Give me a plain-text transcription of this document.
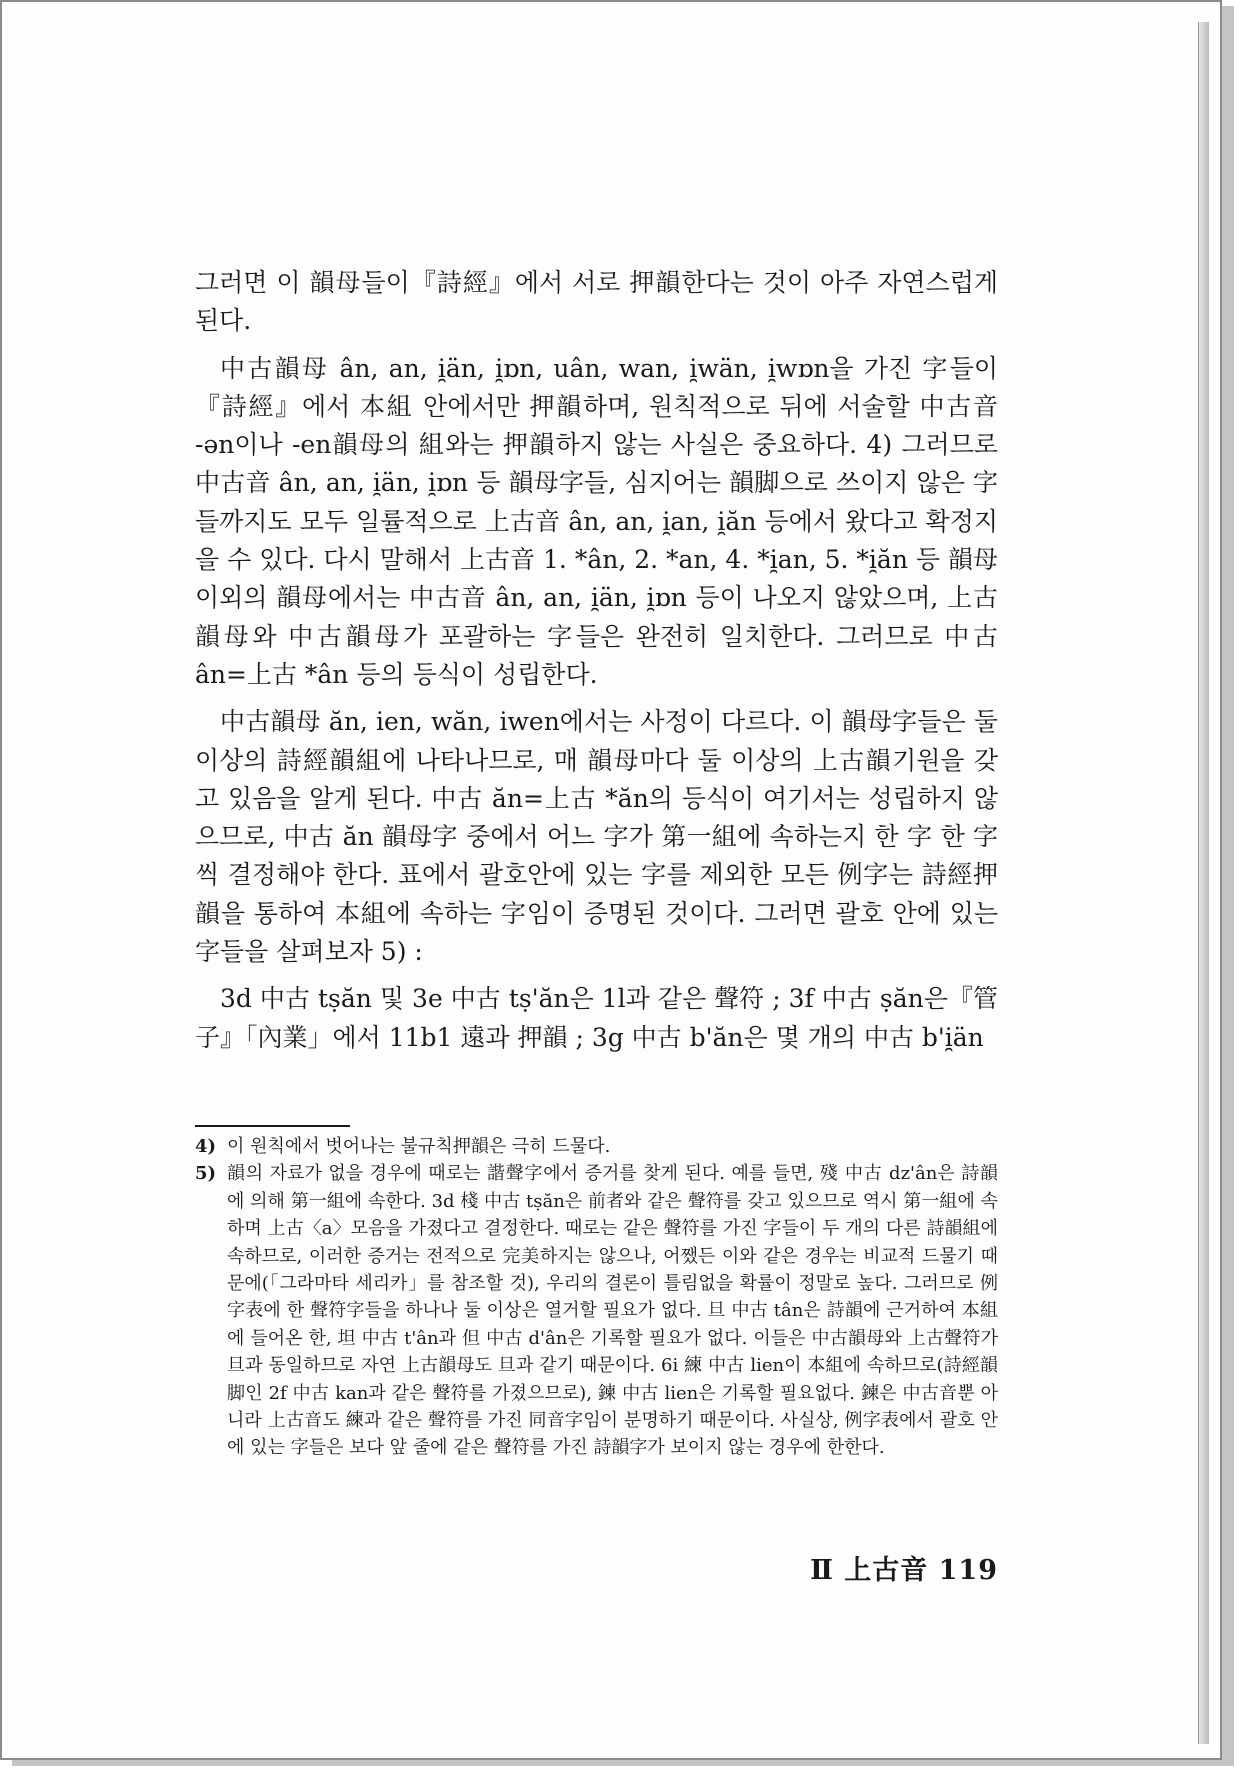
그러면 이 韻母들이『詩經』에서 서로 押韻한다는 것이 아주 자연스럽게 된다.

中古韻母 ân, an, i̯än, i̯ɒn, uân, wan, i̯wän, i̯wɒn을 가진 字들이『詩經』에서 本組 안에서만 押韻하며, 원칙적으로 뒤에 서술할 中古音 -ən이나 -en韻母의 組와는 押韻하지 않는 사실은 중요하다. 4) 그러므로 中古音 ân, an, i̯än, i̯ɒn 등 韻母字들, 심지어는 韻脚으로 쓰이지 않은 字들까지도 모두 일률적으로 上古音 ân, an, i̯an, i̯ăn 등에서 왔다고 확정지을 수 있다. 다시 말해서 上古音 1. *ân, 2. *an, 4. *i̯an, 5. *i̯ăn 등 韻母 이외의 韻母에서는 中古音 ân, an, i̯än, i̯ɒn 등이 나오지 않았으며, 上古韻母와 中古韻母가 포괄하는 字들은 완전히 일치한다. 그러므로 中古 ân=上古 *ân 등의 등식이 성립한다.

中古韻母 ăn, ien, wăn, iwen에서는 사정이 다르다. 이 韻母字들은 둘 이상의 詩經韻組에 나타나므로, 매 韻母마다 둘 이상의 上古韻기원을 갖고 있음을 알게 된다. 中古 ăn=上古 *ăn의 등식이 여기서는 성립하지 않으므로, 中古 ăn 韻母字 중에서 어느 字가 第一組에 속하는지 한 字 한 字씩 결정해야 한다. 표에서 괄호안에 있는 字를 제외한 모든 例字는 詩經押韻을 통하여 本組에 속하는 字임이 증명된 것이다. 그러면 괄호 안에 있는 字들을 살펴보자 5) :

3d 中古 tṣăn 및 3e 中古 tṣ'ăn은 1l과 같은 聲符 ; 3f 中古 ṣăn은『管子』「內業」에서 11b1 遠과 押韻 ; 3g 中古 b'ăn은 몇 개의 中古 b'i̯än

4) 이 원칙에서 벗어나는 불규칙押韻은 극히 드물다.
5) 韻의 자료가 없을 경우에 때로는 諧聲字에서 증거를 찾게 된다. 예를 들면, 殘 中古 dz'ân은 詩韻에 의해 第一組에 속한다. 3d 棧 中古 tṣăn은 前者와 같은 聲符를 갖고 있으므로 역시 第一組에 속하며 上古〈a〉모음을 가졌다고 결정한다. 때로는 같은 聲符를 가진 字들이 두 개의 다른 詩韻組에 속하므로, 이러한 증거는 전적으로 完美하지는 않으나, 어쨌든 이와 같은 경우는 비교적 드물기 때문에(「그라마타 세리카」를 참조할 것), 우리의 결론이 틀림없을 확률이 정말로 높다. 그러므로 例字表에 한 聲符字들을 하나나 둘 이상은 열거할 필요가 없다. 旦 中古 tân은 詩韻에 근거하여 本組에 들어온 한, 坦 中古 t'ân과 但 中古 d'ân은 기록할 필요가 없다. 이들은 中古韻母와 上古聲符가 旦과 동일하므로 자연 上古韻母도 旦과 같기 때문이다. 6i 練 中古 lien이 本組에 속하므로(詩經韻脚인 2f 中古 kan과 같은 聲符를 가졌으므로), 鍊 中古 lien은 기록할 필요없다. 鍊은 中古音뿐 아니라 上古音도 練과 같은 聲符를 가진 同音字임이 분명하기 때문이다. 사실상, 例字表에서 괄호 안에 있는 字들은 보다 앞 줄에 같은 聲符를 가진 詩韻字가 보이지 않는 경우에 한한다.
Ⅱ 上古音 119
